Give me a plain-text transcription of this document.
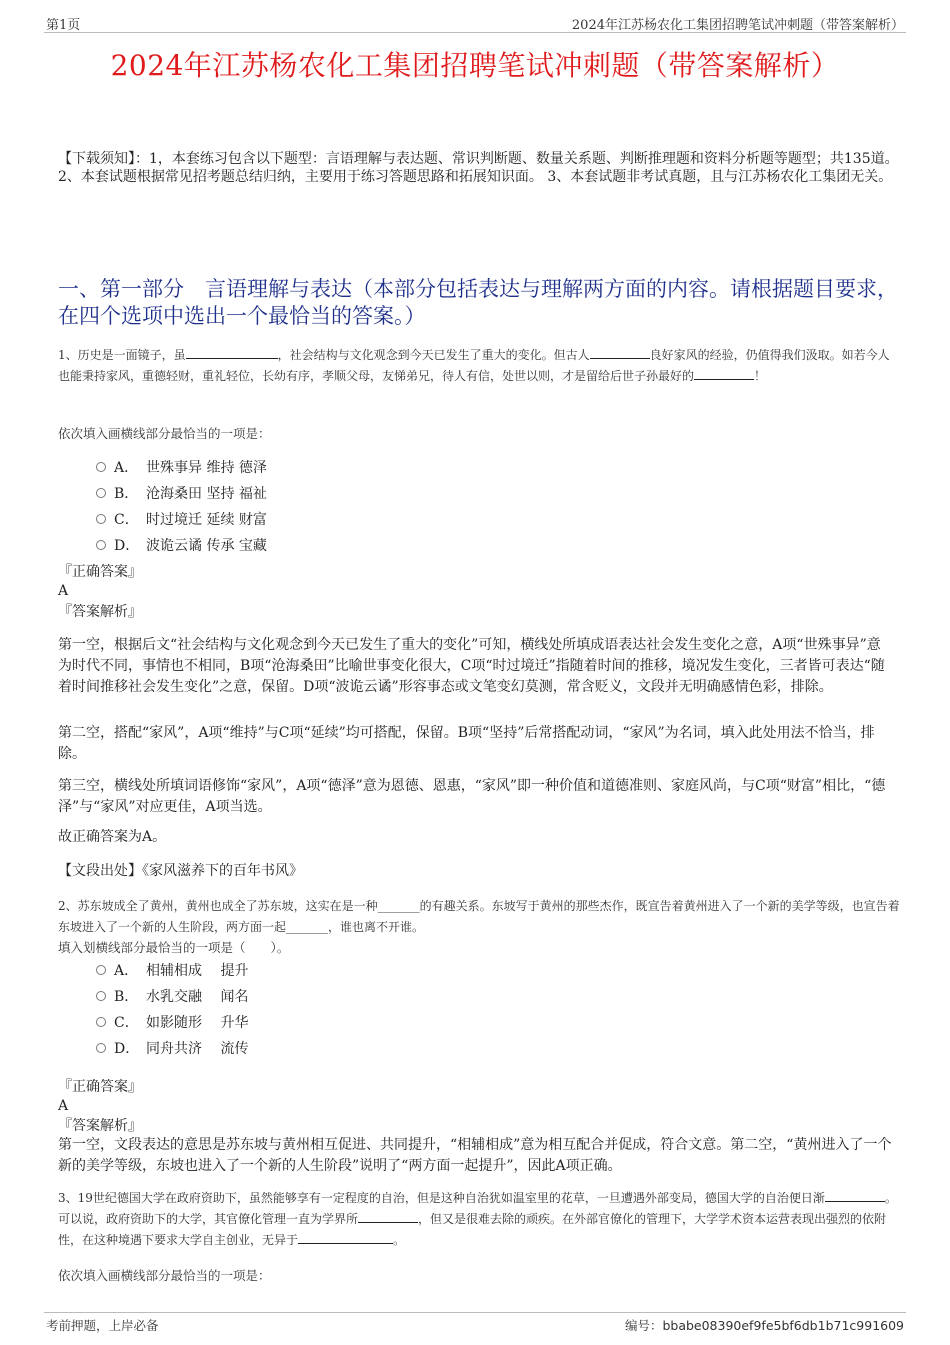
第1页	2024年江苏杨农化工集团招聘笔试冲刺题（带答案解析）
2024年江苏杨农化工集团招聘笔试冲刺题（带答案解析）
【下载须知】：1，本套练习包含以下题型：言语理解与表达题、常识判断题、数量关系题、判断推理题和资料分析题等题型；共135道。 2、本套试题根据常见招考题总结归纳，主要用于练习答题思路和拓展知识面。 3、本套试题非考试真题，且与江苏杨农化工集团无关。
一、第一部分　言语理解与表达（本部分包括表达与理解两方面的内容。请根据题目要求，在四个选项中选出一个最恰当的答案。）
1、历史是一面镜子，虽	，社会结构与文化观念到今天已发生了重大的变化。但古人	良好家风的经验，仍值得我们汲取。如若今人也能秉持家风，重德轻财，重礼轻位，长幼有序，孝顺父母，友悌弟兄，待人有信，处世以则，才是留给后世子孙最好的	！
依次填入画横线部分最恰当的一项是：
A． 世殊事异 维持 德泽
B． 沧海桑田 坚持 福祉
C． 时过境迁 延续 财富
D． 波诡云谲 传承 宝藏
『正确答案』
A
『答案解析』
第一空，根据后文“社会结构与文化观念到今天已发生了重大的变化”可知，横线处所填成语表达社会发生变化之意，A项“世殊事异”意为时代不同，事情也不相同，B项“沧海桑田”比喻世事变化很大，C项“时过境迁”指随着时间的推移，境况发生变化，三者皆可表达“随着时间推移社会发生变化”之意，保留。D项“波诡云谲”形容事态或文笔变幻莫测，常含贬义，文段并无明确感情色彩，排除。
第二空，搭配“家风”，A项“维持”与C项“延续”均可搭配，保留。B项“坚持”后常搭配动词，“家风”为名词，填入此处用法不恰当，排除。
第三空，横线处所填词语修饰“家风”，A项“德泽”意为恩德、恩惠，“家风”即一种价值和道德准则、家庭风尚，与C项“财富”相比，“德泽”与“家风”对应更佳，A项当选。
故正确答案为A。
【文段出处】《家风滋养下的百年书风》
2、苏东坡成全了黄州，黄州也成全了苏东坡，这实在是一种_______的有趣关系。东坡写于黄州的那些杰作，既宣告着黄州进入了一个新的美学等级，也宣告着东坡进入了一个新的人生阶段，两方面一起_______，谁也离不开谁。
填入划横线部分最恰当的一项是（　　）。
A． 相辅相成　 提升
B． 水乳交融　 闻名
C． 如影随形　 升华
D． 同舟共济　 流传
『正确答案』
A
『答案解析』
第一空，文段表达的意思是苏东坡与黄州相互促进、共同提升，“相辅相成”意为相互配合并促成，符合文意。第二空，“黄州进入了一个新的美学等级，东坡也进入了一个新的人生阶段”说明了“两方面一起提升”，因此A项正确。
3、19世纪德国大学在政府资助下，虽然能够享有一定程度的自治，但是这种自治犹如温室里的花草，一旦遭遇外部变局，德国大学的自治便日渐	。可以说，政府资助下的大学，其官僚化管理一直为学界所	，但又是很难去除的顽疾。在外部官僚化的管理下，大学学术资本运营表现出强烈的依附性，在这种境遇下要求大学自主创业，无异于	。
依次填入画横线部分最恰当的一项是：
考前押题，上岸必备	编号：bbabe08390ef9fe5bf6db1b71c991609
